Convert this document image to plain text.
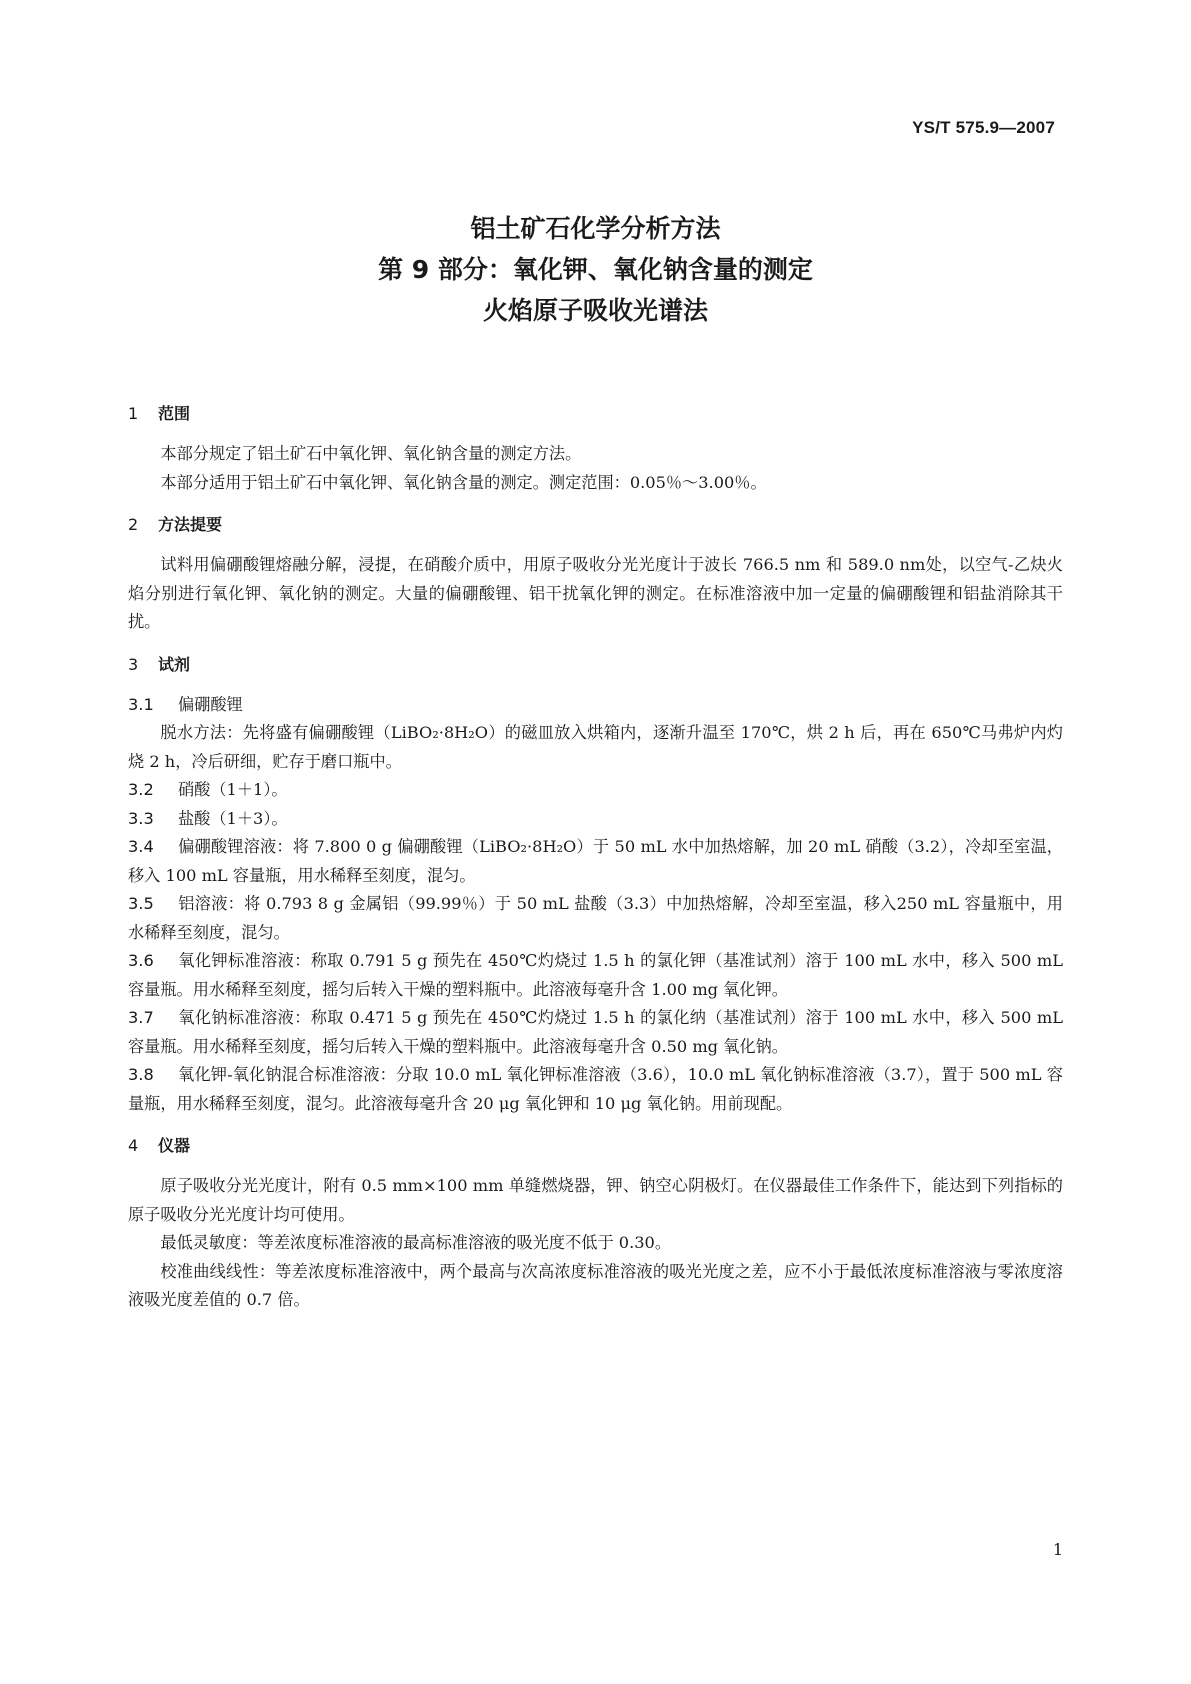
YS/T 575.9—2007
铝土矿石化学分析方法
第 9 部分：氧化钾、氧化钠含量的测定
火焰原子吸收光谱法
1 范围

本部分规定了铝土矿石中氧化钾、氧化钠含量的测定方法。

本部分适用于铝土矿石中氧化钾、氧化钠含量的测定。测定范围：0.05％～3.00％。

2 方法提要

试料用偏硼酸锂熔融分解，浸提，在硝酸介质中，用原子吸收分光光度计于波长 766.5 nm 和 589.0 nm处，以空气-乙炔火焰分别进行氧化钾、氧化钠的测定。大量的偏硼酸锂、铝干扰氧化钾的测定。在标准溶液中加一定量的偏硼酸锂和铝盐消除其干扰。

3 试剂

3.1 偏硼酸锂

脱水方法：先将盛有偏硼酸锂（LiBO₂·8H₂O）的磁皿放入烘箱内，逐渐升温至 170℃，烘 2 h 后，再在 650℃马弗炉内灼烧 2 h，冷后研细，贮存于磨口瓶中。

3.2 硝酸（1＋1）。

3.3 盐酸（1＋3）。

3.4 偏硼酸锂溶液：将 7.800 0 g 偏硼酸锂（LiBO₂·8H₂O）于 50 mL 水中加热熔解，加 20 mL 硝酸（3.2），冷却至室温，移入 100 mL 容量瓶，用水稀释至刻度，混匀。

3.5 铝溶液：将 0.793 8 g 金属铝（99.99％）于 50 mL 盐酸（3.3）中加热熔解，冷却至室温，移入250 mL 容量瓶中，用水稀释至刻度，混匀。

3.6 氧化钾标准溶液：称取 0.791 5 g 预先在 450℃灼烧过 1.5 h 的氯化钾（基准试剂）溶于 100 mL 水中，移入 500 mL 容量瓶。用水稀释至刻度，摇匀后转入干燥的塑料瓶中。此溶液每毫升含 1.00 mg 氧化钾。

3.7 氧化钠标准溶液：称取 0.471 5 g 预先在 450℃灼烧过 1.5 h 的氯化纳（基准试剂）溶于 100 mL 水中，移入 500 mL 容量瓶。用水稀释至刻度，摇匀后转入干燥的塑料瓶中。此溶液每毫升含 0.50 mg 氧化钠。

3.8 氧化钾-氧化钠混合标准溶液：分取 10.0 mL 氧化钾标准溶液（3.6），10.0 mL 氧化钠标准溶液（3.7），置于 500 mL 容量瓶，用水稀释至刻度，混匀。此溶液每毫升含 20 μg 氧化钾和 10 μg 氧化钠。用前现配。

4 仪器

原子吸收分光光度计，附有 0.5 mm×100 mm 单缝燃烧器，钾、钠空心阴极灯。在仪器最佳工作条件下，能达到下列指标的原子吸收分光光度计均可使用。

最低灵敏度：等差浓度标准溶液的最高标准溶液的吸光度不低于 0.30。

校准曲线线性：等差浓度标准溶液中，两个最高与次高浓度标准溶液的吸光光度之差，应不小于最低浓度标准溶液与零浓度溶液吸光度差值的 0.7 倍。

1
